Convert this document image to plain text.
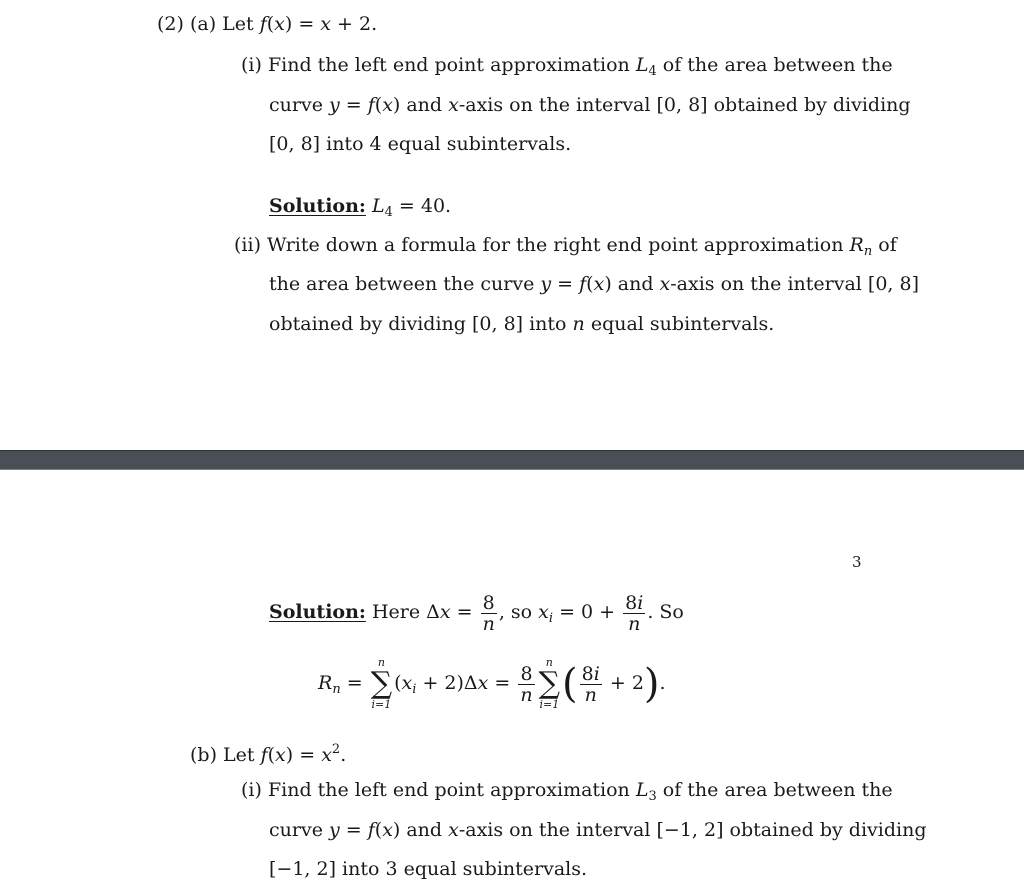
(2) (a) Let f(x) = x + 2.
(i) Find the left end point approximation $L_4$ of the area between the
curve y = f(x) and x-axis on the interval [0, 8] obtained by dividing
[0, 8] into 4 equal subintervals.
Solution: $L_4 = 40$.
(ii) Write down a formula for the right end point approximation $R_n$ of
the area between the curve y = f(x) and x-axis on the interval [0, 8]
obtained by dividing [0, 8] into n equal subintervals.
3
Solution: Here $\Delta x = \frac{8}{n}$ , so $x_i = 0 + \frac{8i}{n}$ . So
$R_n$ =
n
∑
i=1
$(x_i + 2)\Delta x = \frac{8}{n}$
n
∑
i=1 ( $\frac{8i}{n} + 2$).
(b) Let $f(x) = x^2$.
(i) Find the left end point approximation $L_3$ of the area between the
curve y = f(x) and x-axis on the interval [−1, 2] obtained by dividing
[−1, 2] into 3 equal subintervals.
